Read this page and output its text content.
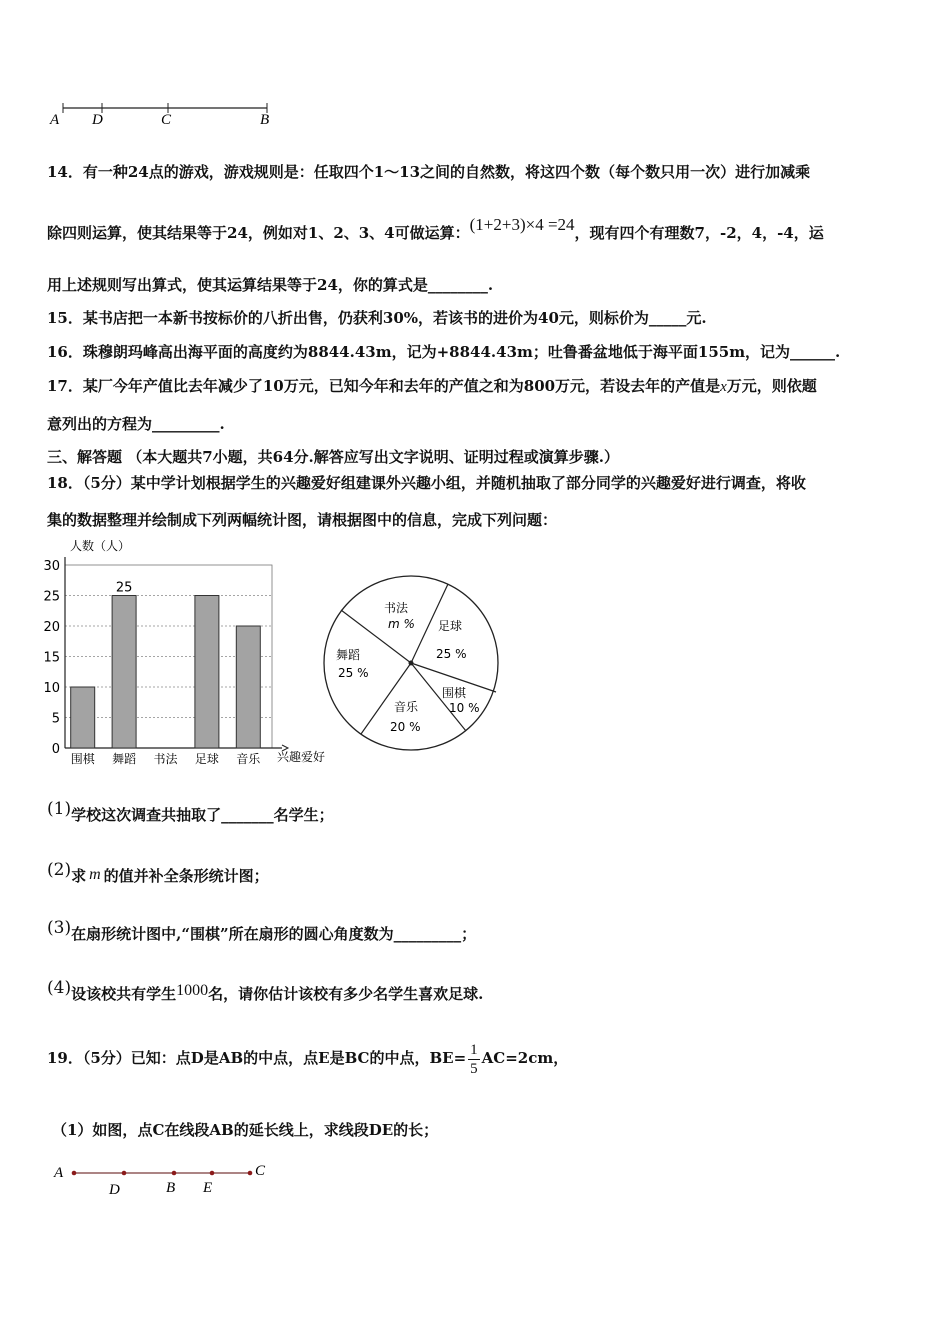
A D	C	B
14．有一种24点的游戏，游戏规则是：任取四个1～13之间的自然数，将这四个数（每个数只用一次）进行加减乘
除四则运算，使其结果等于24，例如对1、2、3、4可做运算：(1+2+3)×4 =24，现有四个有理数7，-2，4，-4，运
用上述规则写出算式，使其运算结果等于24，你的算式是________.
15．某书店把一本新书按标价的八折出售，仍获利30%，若该书的进价为40元，则标价为_____元.
16．珠穆朗玛峰高出海平面的高度约为8844.43m，记为+8844.43m；吐鲁番盆地低于海平面155m，记为______.
17．某厂今年产值比去年减少了10万元，已知今年和去年的产值之和为800万元，若设去年的产值是x万元，则依题
意列出的方程为_________.
三、解答题 （本大题共7小题，共64分.解答应写出文字说明、证明过程或演算步骤.）
18．（5分）某中学计划根据学生的兴趣爱好组建课外兴趣小组，并随机抽取了部分同学的兴趣爱好进行调查，将收
集的数据整理并绘制成下列两幅统计图，请根据图中的信息，完成下列问题：
人数（人）
0
5
10
15
20
25
30
25
围棋 舞蹈 书法 足球 音乐 兴趣爱好
书法
m % 足球
25 %
围棋
10 %
音乐
20 %
舞蹈
25 %
(1)学校这次调查共抽取了_______名学生；
(2)求 m 的值并补全条形统计图；
(3)在扇形统计图中,“围棋”所在扇形的圆心角度数为_________；
(4)设该校共有学生1000名，请你估计该校有多少名学生喜欢足球.
19．（5分）已知：点D是AB的中点，点E是BC的中点，$BE= \frac{1}{5} AC=2cm$，
（1）如图，点C在线段AB的延长线上，求线段DE的长；
A
D	B E
C
